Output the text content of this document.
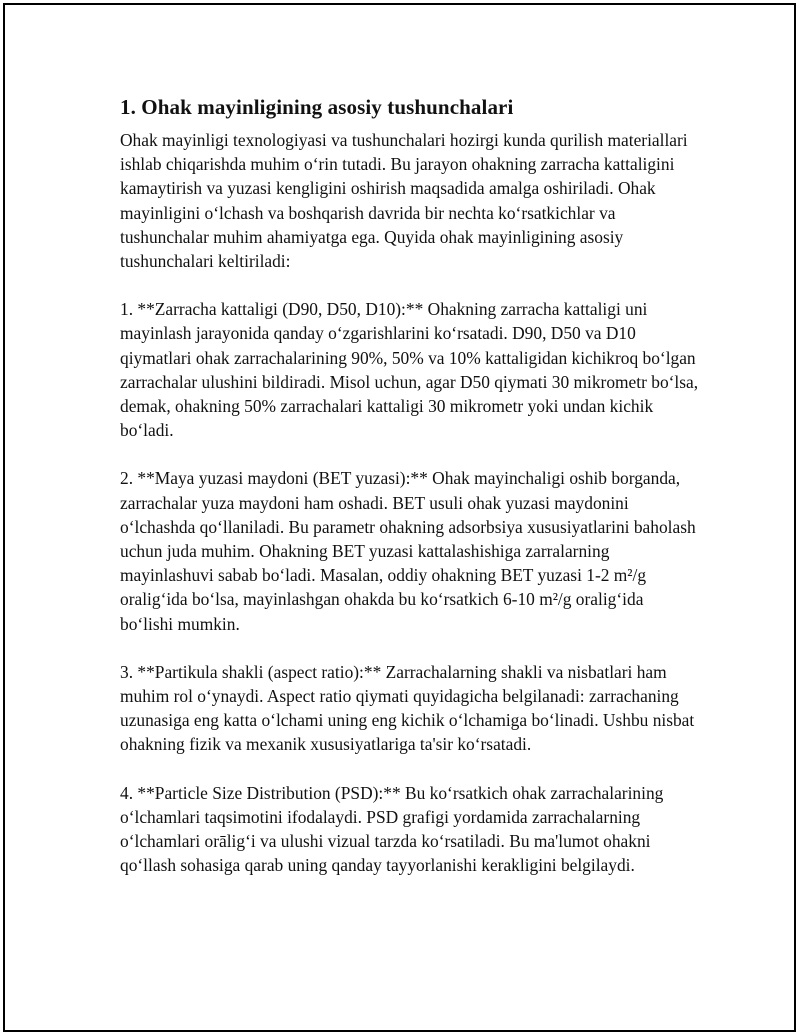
1. Ohak mayinligining asosiy tushunchalari

Ohak mayinligi texnologiyasi va tushunchalari hozirgi kunda qurilish materiallari ishlab chiqarishda muhim o‘rin tutadi. Bu jarayon ohakning zarracha kattaligini kamaytirish va yuzasi kengligini oshirish maqsadida amalga oshiriladi. Ohak mayinligini o‘lchash va boshqarish davrida bir nechta ko‘rsatkichlar va tushunchalar muhim ahamiyatga ega. Quyida ohak mayinligining asosiy tushunchalari keltiriladi:

1. **Zarracha kattaligi (D90, D50, D10):** Ohakning zarracha kattaligi uni mayinlash jarayonida qanday o‘zgarishlarini ko‘rsatadi. D90, D50 va D10 qiymatlari ohak zarrachalarining 90%, 50% va 10% kattaligidan kichikroq bo‘lgan zarrachalar ulushini bildiradi. Misol uchun, agar D50 qiymati 30 mikrometr bo‘lsa, demak, ohakning 50% zarrachalari kattaligi 30 mikrometr yoki undan kichik bo‘ladi.

2. **Maya yuzasi maydoni (BET yuzasi):** Ohak mayinchaligi oshib borganda, zarrachalar yuza maydoni ham oshadi. BET usuli ohak yuzasi maydonini o‘lchashda qo‘llaniladi. Bu parametr ohakning adsorbsiya xususiyatlarini baholash uchun juda muhim. Ohakning BET yuzasi kattalashishiga zarralarning mayinlashuvi sabab bo‘ladi. Masalan, oddiy ohakning BET yuzasi 1-2 m²/g oralig‘ida bo‘lsa, mayinlashgan ohakda bu ko‘rsatkich 6-10 m²/g oralig‘ida bo‘lishi mumkin.

3. **Partikula shakli (aspect ratio):** Zarrachalarning shakli va nisbatlari ham muhim rol o‘ynaydi. Aspect ratio qiymati quyidagicha belgilanadi: zarrachaning uzunasiga eng katta o‘lchami uning eng kichik o‘lchamiga bo‘linadi. Ushbu nisbat ohakning fizik va mexanik xususiyatlariga ta'sir ko‘rsatadi.

4. **Particle Size Distribution (PSD):** Bu ko‘rsatkich ohak zarrachalarining o‘lchamlari taqsimotini ifodalaydi. PSD grafigi yordamida zarrachalarning o‘lchamlari orālig‘i va ulushi vizual tarzda ko‘rsatiladi. Bu ma'lumot ohakni qo‘llash sohasiga qarab uning qanday tayyorlanishi kerakligini belgilaydi.
